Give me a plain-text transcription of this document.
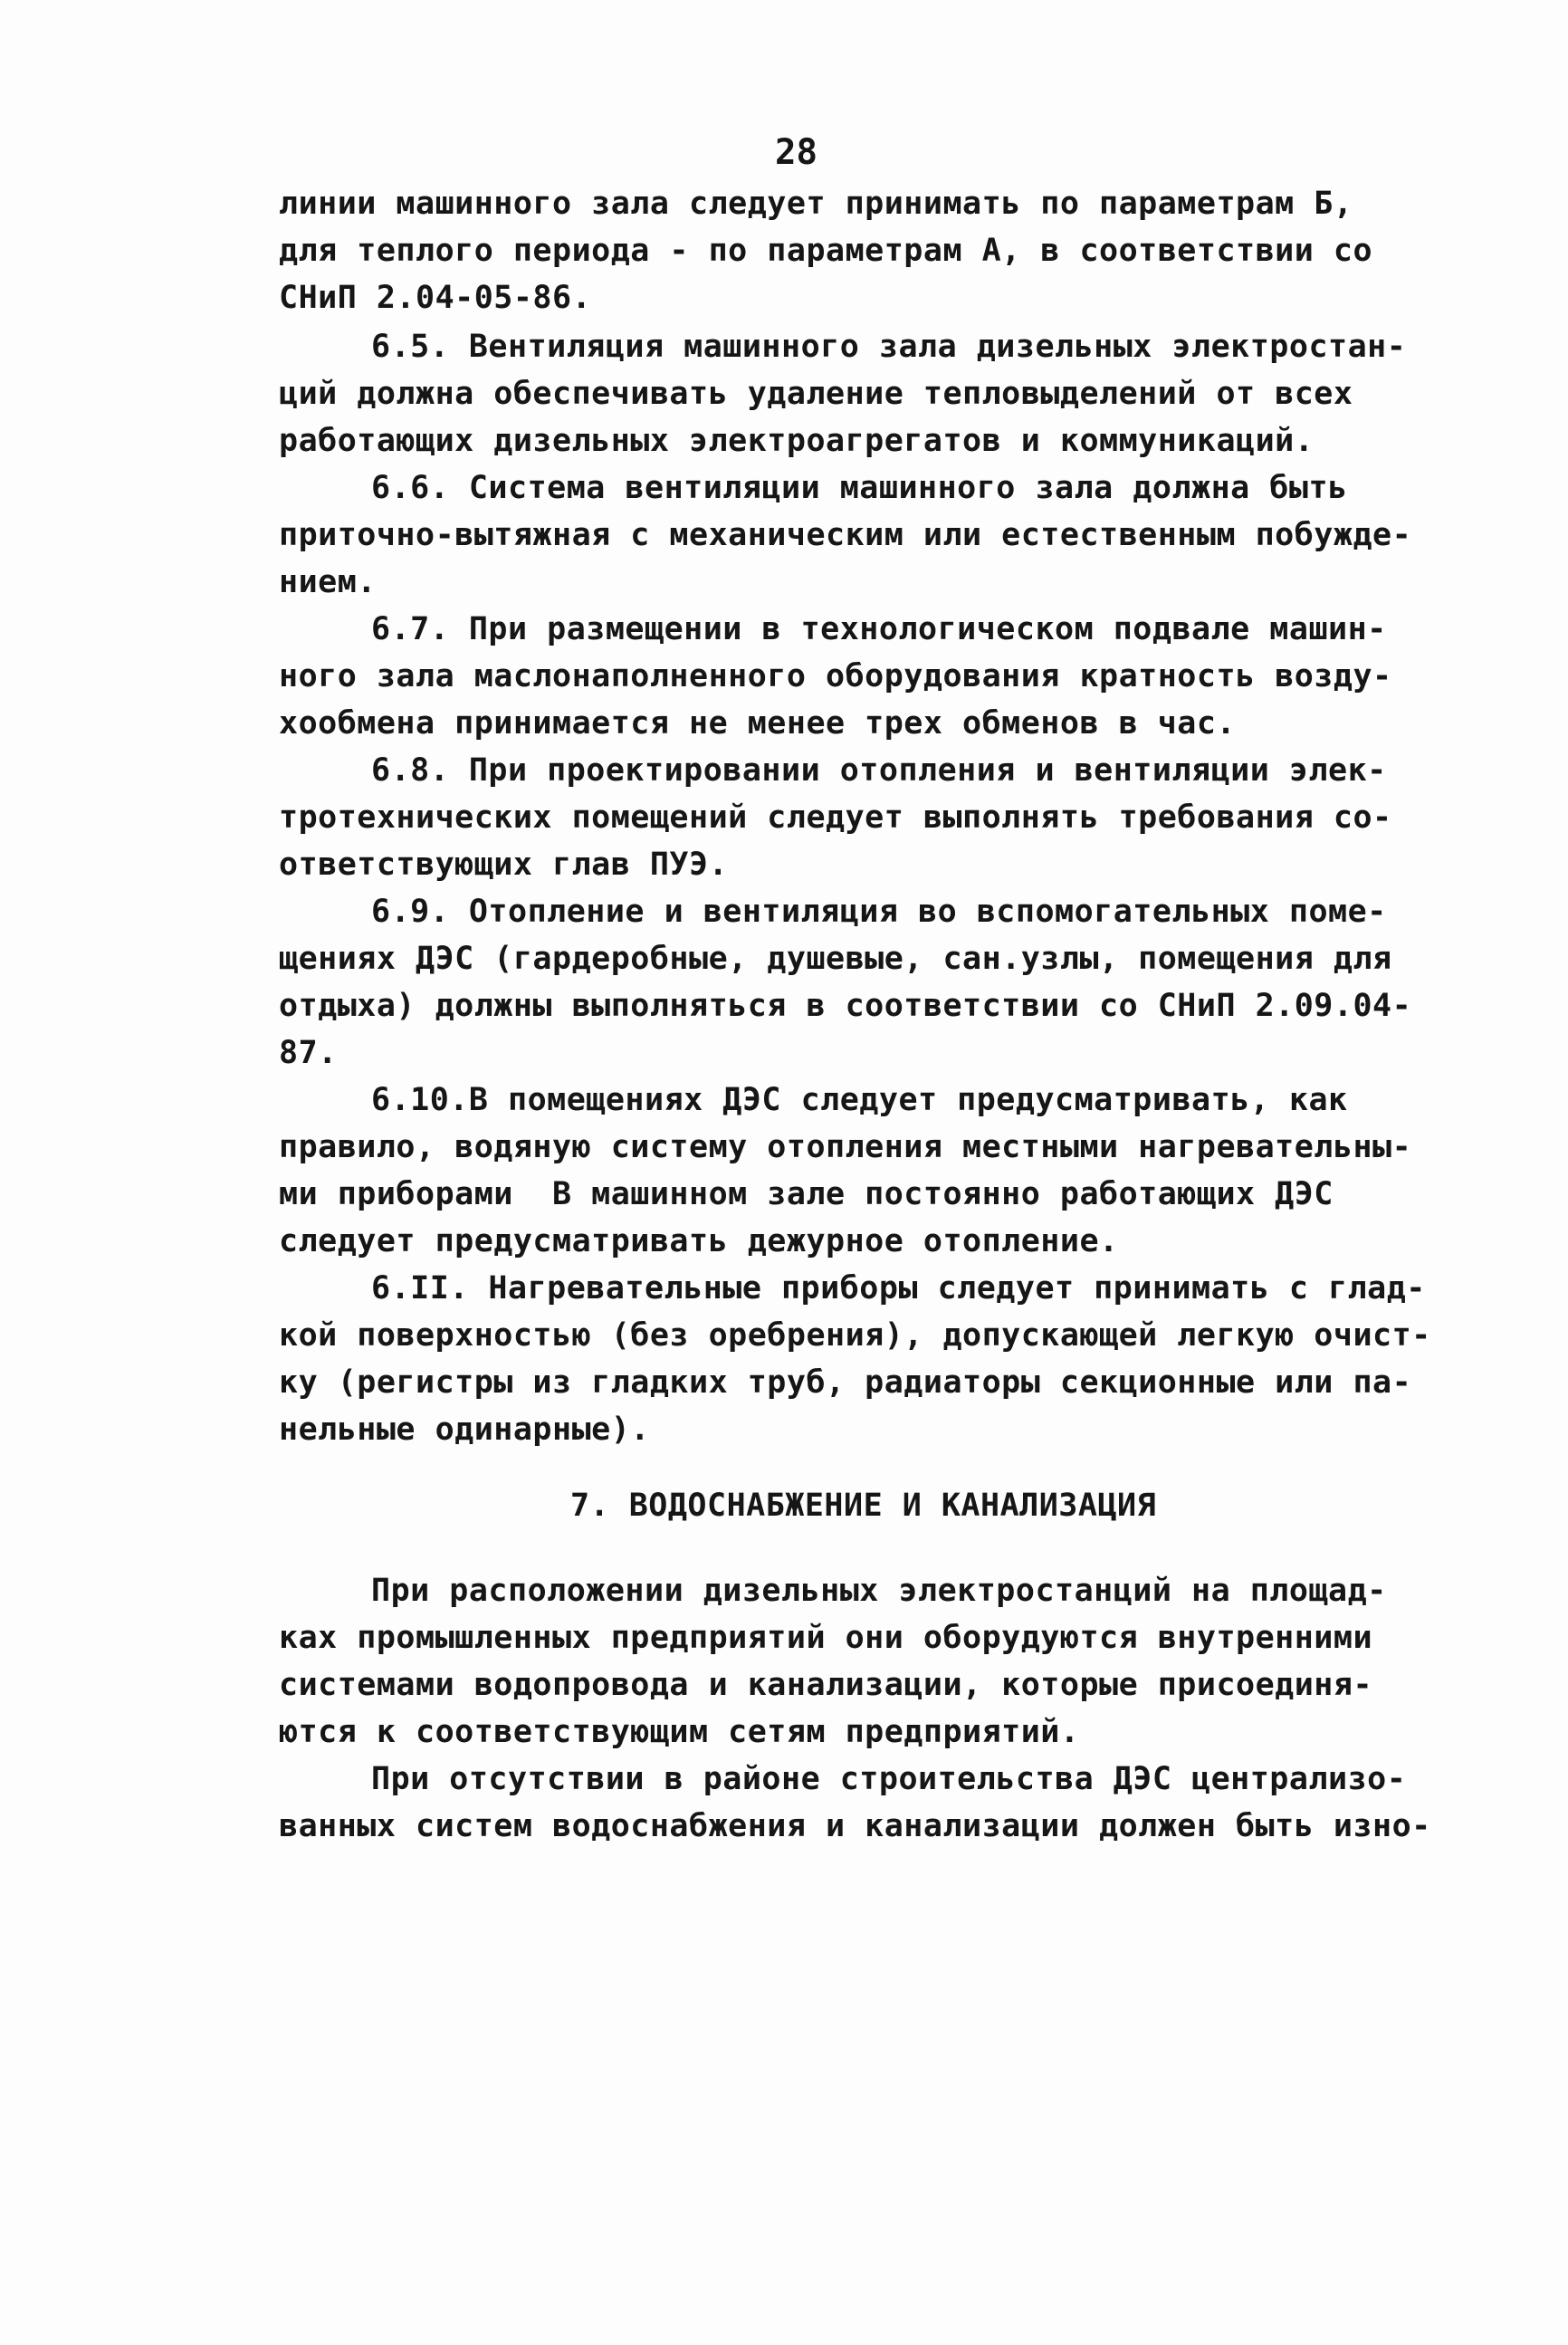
28
линии машинного зала следует принимать по параметрам Б,
для теплого периода - по параметрам А, в соответствии со
СНиП 2.04-05-86.
6.5. Вентиляция машинного зала дизельных электростан-
ций должна обеспечивать удаление тепловыделений от всех
работающих дизельных электроагрегатов и коммуникаций.
6.6. Система вентиляции машинного зала должна быть
приточно-вытяжная с механическим или естественным побужде-
нием.
6.7. При размещении в технологическом подвале машин-
ного зала маслонаполненного оборудования кратность возду-
хообмена принимается не менее трех обменов в час.
6.8. При проектировании отопления и вентиляции элек-
тротехнических помещений следует выполнять требования со-
ответствующих глав ПУЭ.
6.9. Отопление и вентиляция во вспомогательных поме-
щениях ДЭС (гардеробные, душевые, сан.узлы, помещения для
отдыха) должны выполняться в соответствии со СНиП 2.09.04-
87.
6.10.В помещениях ДЭС следует предусматривать, как
правило, водяную систему отопления местными нагревательны-
ми приборами  В машинном зале постоянно работающих ДЭС
следует предусматривать дежурное отопление.
6.II. Нагревательные приборы следует принимать с глад-
кой поверхностью (без оребрения), допускающей легкую очист-
ку (регистры из гладких труб, радиаторы секционные или па-
нельные одинарные).
7. ВОДОСНАБЖЕНИЕ И КАНАЛИЗАЦИЯ
При расположении дизельных электростанций на площад-
ках промышленных предприятий они оборудуются внутренними
системами водопровода и канализации, которые присоединя-
ются к соответствующим сетям предприятий.
При отсутствии в районе строительства ДЭС централизо-
ванных систем водоснабжения и канализации должен быть изно-
